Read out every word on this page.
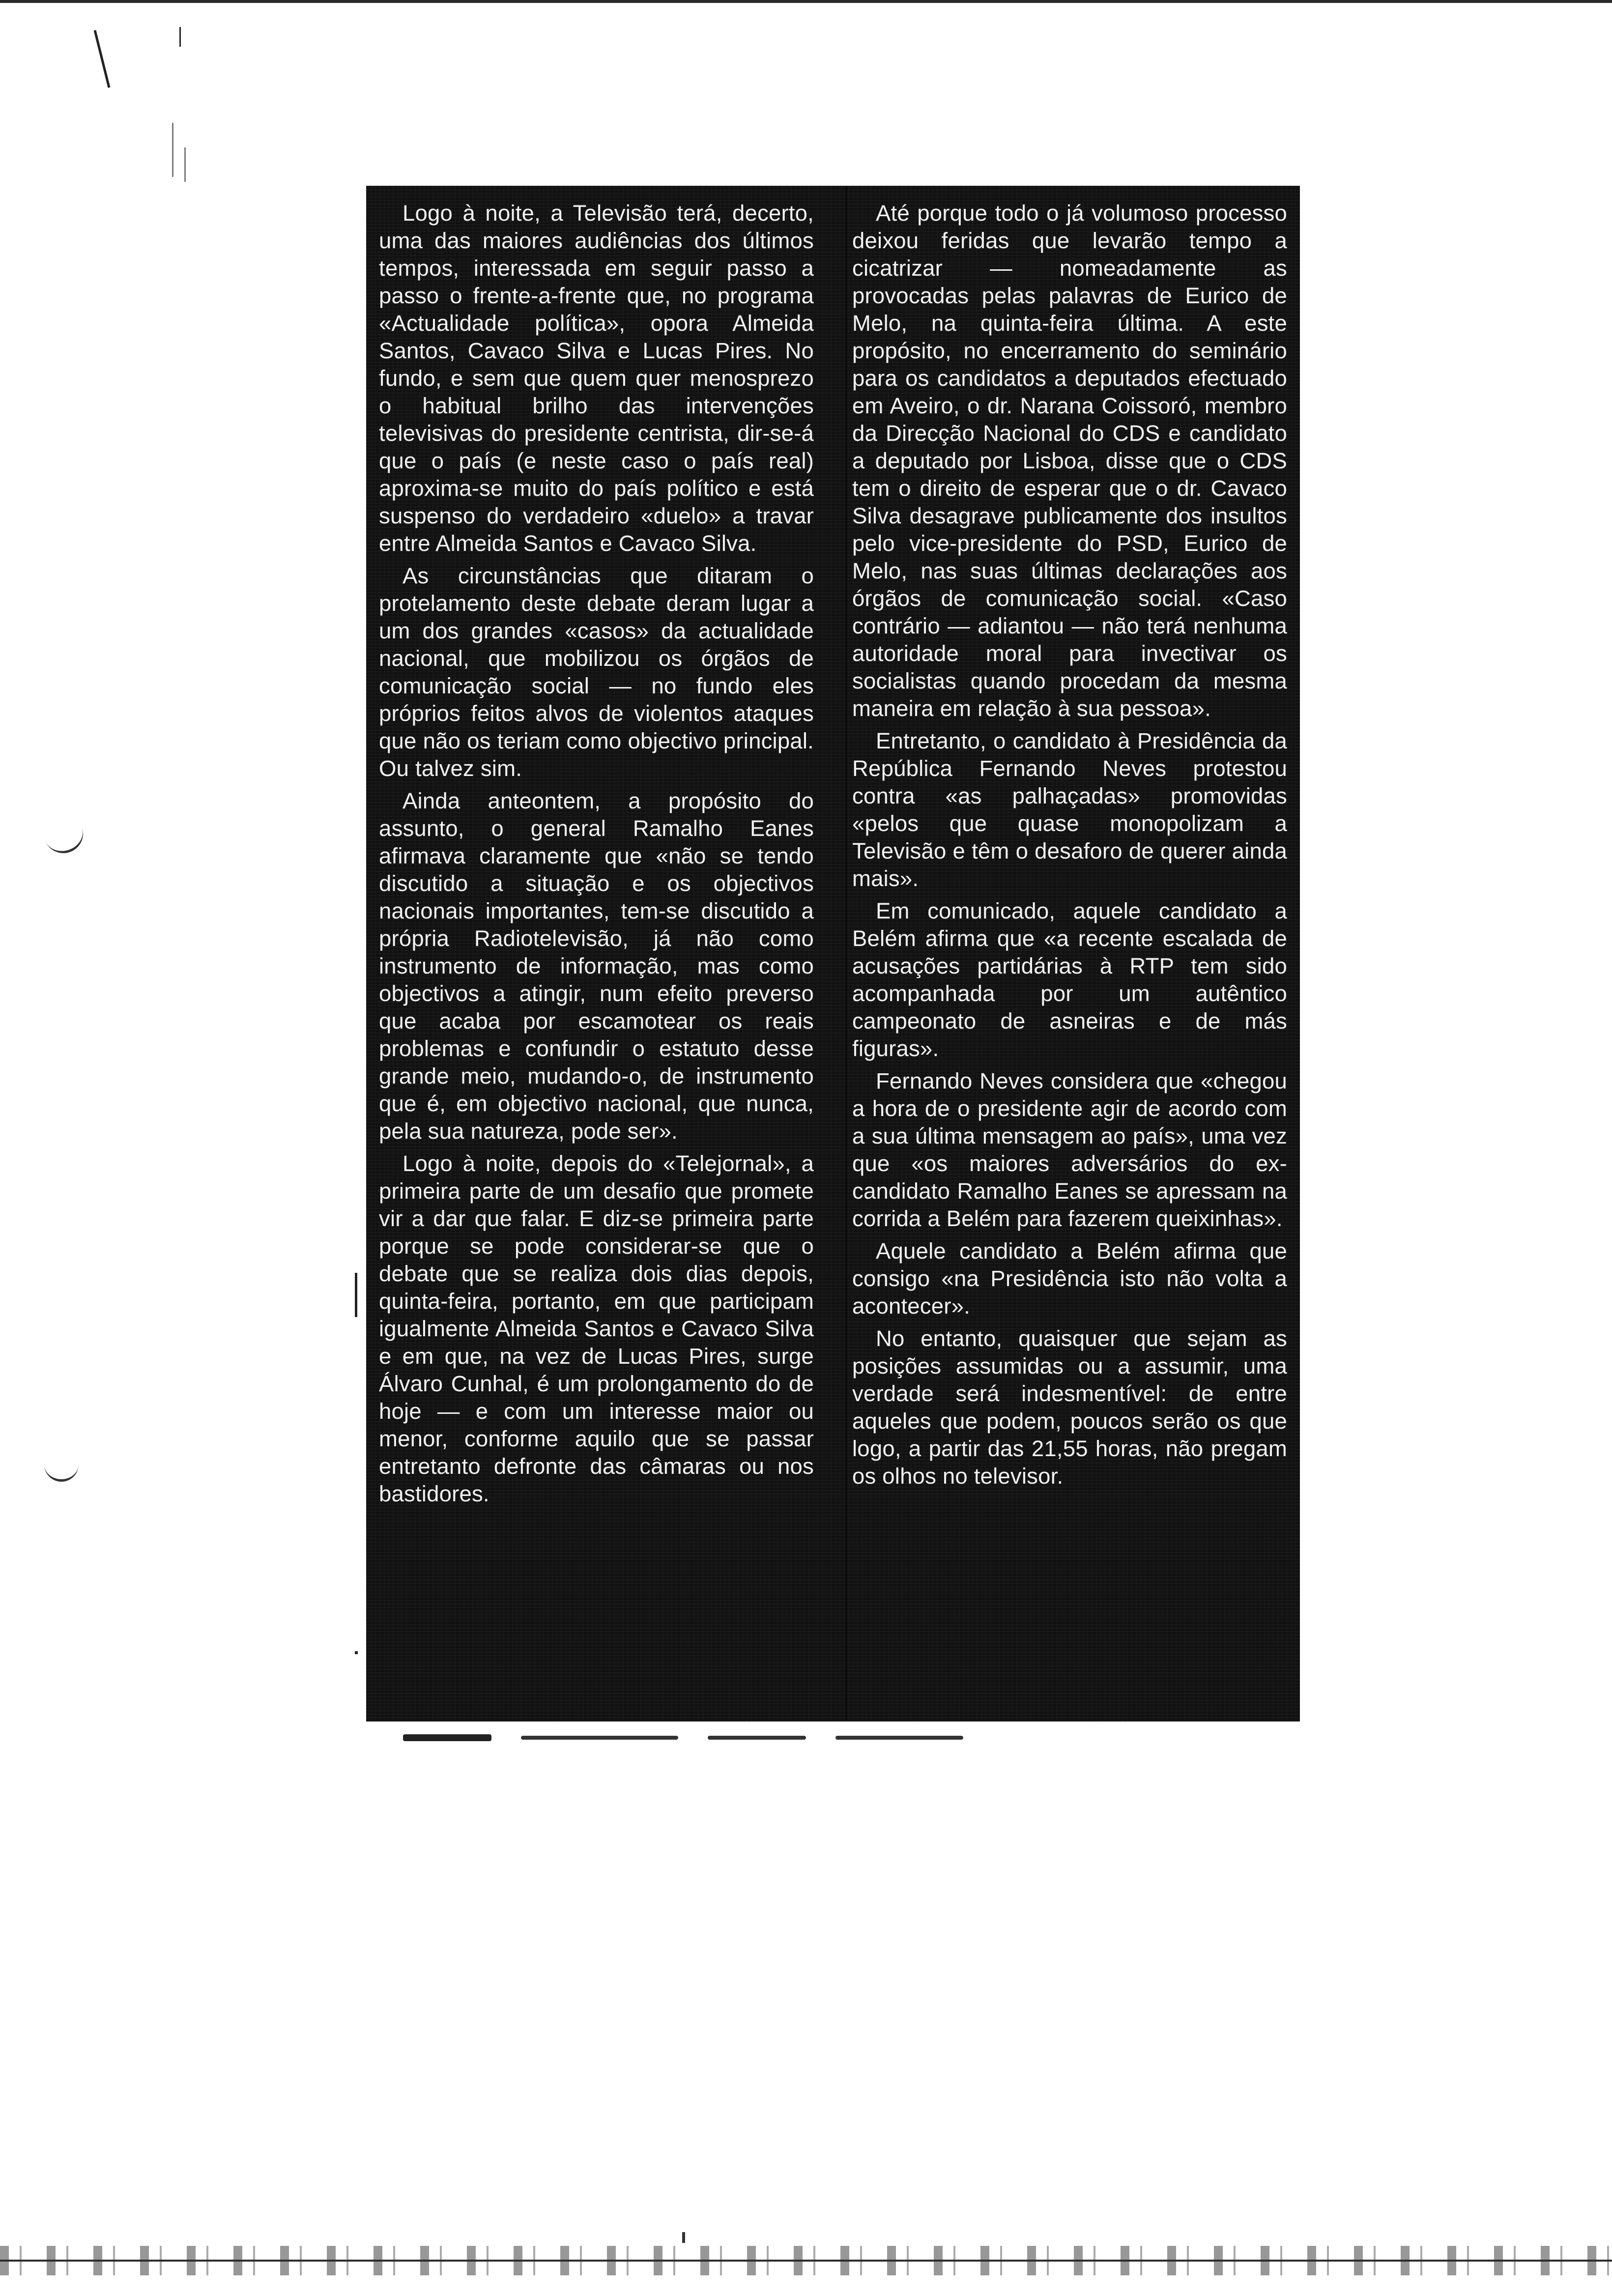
Logo à noite, a Televisão terá, decerto, uma das maiores audiências dos últimos tempos, interessada em seguir passo a passo o frente-a-frente que, no programa «Actualidade política», opora Almeida Santos, Cavaco Silva e Lucas Pires. No fundo, e sem que quem quer menosprezo o habitual brilho das intervenções televisivas do presidente centrista, dir-se-á que o país (e neste caso o país real) aproxima-se muito do país político e está suspenso do verdadeiro «duelo» a travar entre Almeida Santos e Cavaco Silva.

As circunstâncias que ditaram o protelamento deste debate deram lugar a um dos grandes «casos» da actualidade nacional, que mobilizou os órgãos de comunicação social — no fundo eles próprios feitos alvos de violentos ataques que não os teriam como objectivo principal. Ou talvez sim.

Ainda anteontem, a propósito do assunto, o general Ramalho Eanes afirmava claramente que «não se tendo discutido a situação e os objectivos nacionais importantes, tem-se discutido a própria Radiotelevisão, já não como instrumento de informação, mas como objectivos a atingir, num efeito preverso que acaba por escamotear os reais problemas e confundir o estatuto desse grande meio, mudando-o, de instrumento que é, em objectivo nacional, que nunca, pela sua natureza, pode ser».

Logo à noite, depois do «Telejornal», a primeira parte de um desafio que promete vir a dar que falar. E diz-se primeira parte porque se pode considerar-se que o debate que se realiza dois dias depois, quinta-feira, portanto, em que participam igualmente Almeida Santos e Cavaco Silva e em que, na vez de Lucas Pires, surge Álvaro Cunhal, é um prolongamento do de hoje — e com um interesse maior ou menor, conforme aquilo que se passar entretanto defronte das câmaras ou nos bastidores.

Até porque todo o já volumoso processo deixou feridas que levarão tempo a cicatrizar — nomeadamente as provocadas pelas palavras de Eurico de Melo, na quinta-feira última. A este propósito, no encerramento do seminário para os candidatos a deputados efectuado em Aveiro, o dr. Narana Coissoró, membro da Direcção Nacional do CDS e candidato a deputado por Lisboa, disse que o CDS tem o direito de esperar que o dr. Cavaco Silva desagrave publicamente dos insultos pelo vice-presidente do PSD, Eurico de Melo, nas suas últimas declarações aos órgãos de comunicação social. «Caso contrário — adiantou — não terá nenhuma autoridade moral para invectivar os socialistas quando procedam da mesma maneira em relação à sua pessoa».

Entretanto, o candidato à Presidência da República Fernando Neves protestou contra «as palhaçadas» promovidas «pelos que quase monopolizam a Televisão e têm o desaforo de querer ainda mais».

Em comunicado, aquele candidato a Belém afirma que «a recente escalada de acusações partidárias à RTP tem sido acompanhada por um autêntico campeonato de asneiras e de más figuras».

Fernando Neves considera que «chegou a hora de o presidente agir de acordo com a sua última mensagem ao país», uma vez que «os maiores adversários do ex-candidato Ramalho Eanes se apressam na corrida a Belém para fazerem queixinhas».

Aquele candidato a Belém afirma que consigo «na Presidência isto não volta a acontecer».

No entanto, quaisquer que sejam as posições assumidas ou a assumir, uma verdade será indesmentível: de entre aqueles que podem, poucos serão os que logo, a partir das 21,55 horas, não pregam os olhos no televisor.
